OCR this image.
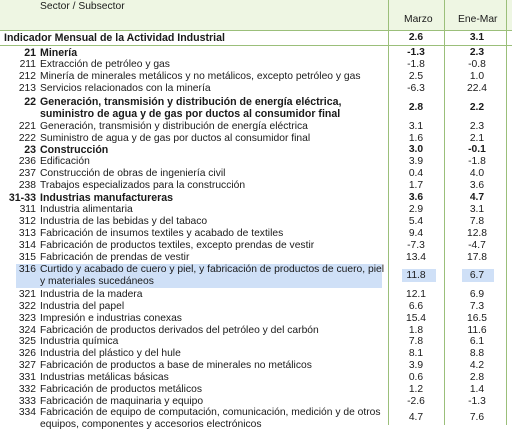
Sector / Subsector
Marzo Ene-Mar
Indicador Mensual de la Actividad Industrial	2.6	3.1
21 Minería	-1.3	2.3
211 Extracción de petróleo y gas	-1.8	-0.8
212 Minería de minerales metálicos y no metálicos, excepto petróleo y gas	2.5	1.0
213 Servicios relacionados con la minería	-6.3	22.4
22 Generación, transmisión y distribución de energía eléctrica,
suministro de agua y de gas por ductos al consumidor final
2.8	2.2
221 Generación, transmisión y distribución de energía eléctrica	3.1	2.3
222 Suministro de agua y de gas por ductos al consumidor final	1.6	2.1
23 Construcción	3.0	-0.1
236 Edificación	3.9	-1.8
237 Construcción de obras de ingeniería civil	0.4	4.0
238 Trabajos especializados para la construcción	1.7	3.6
31-33 Industrias manufactureras	3.6	4.7
311 Industria alimentaria	2.9	3.1
312 Industria de las bebidas y del tabaco	5.4	7.8
313 Fabricación de insumos textiles y acabado de textiles	9.4	12.8
314 Fabricación de productos textiles, excepto prendas de vestir	-7.3	-4.7
315 Fabricación de prendas de vestir	13.4	17.8
316 Curtido y acabado de cuero y piel, y fabricación de productos de cuero, piel
y materiales sucedáneos
11.8	6.7
321 Industria de la madera	12.1	6.9
322 Industria del papel	6.6	7.3
323 Impresión e industrias conexas	15.4	16.5
324 Fabricación de productos derivados del petróleo y del carbón	1.8	11.6
325 Industria química	7.8	6.1
326 Industria del plástico y del hule	8.1	8.8
327 Fabricación de productos a base de minerales no metálicos	3.9	4.2
331 Industrias metálicas básicas	0.6	2.8
332 Fabricación de productos metálicos	1.2	1.4
333 Fabricación de maquinaria y equipo	-2.6	-1.3
334 Fabricación de equipo de computación, comunicación, medición y de otros
equipos, componentes y accesorios electrónicos
4.7	7.6
